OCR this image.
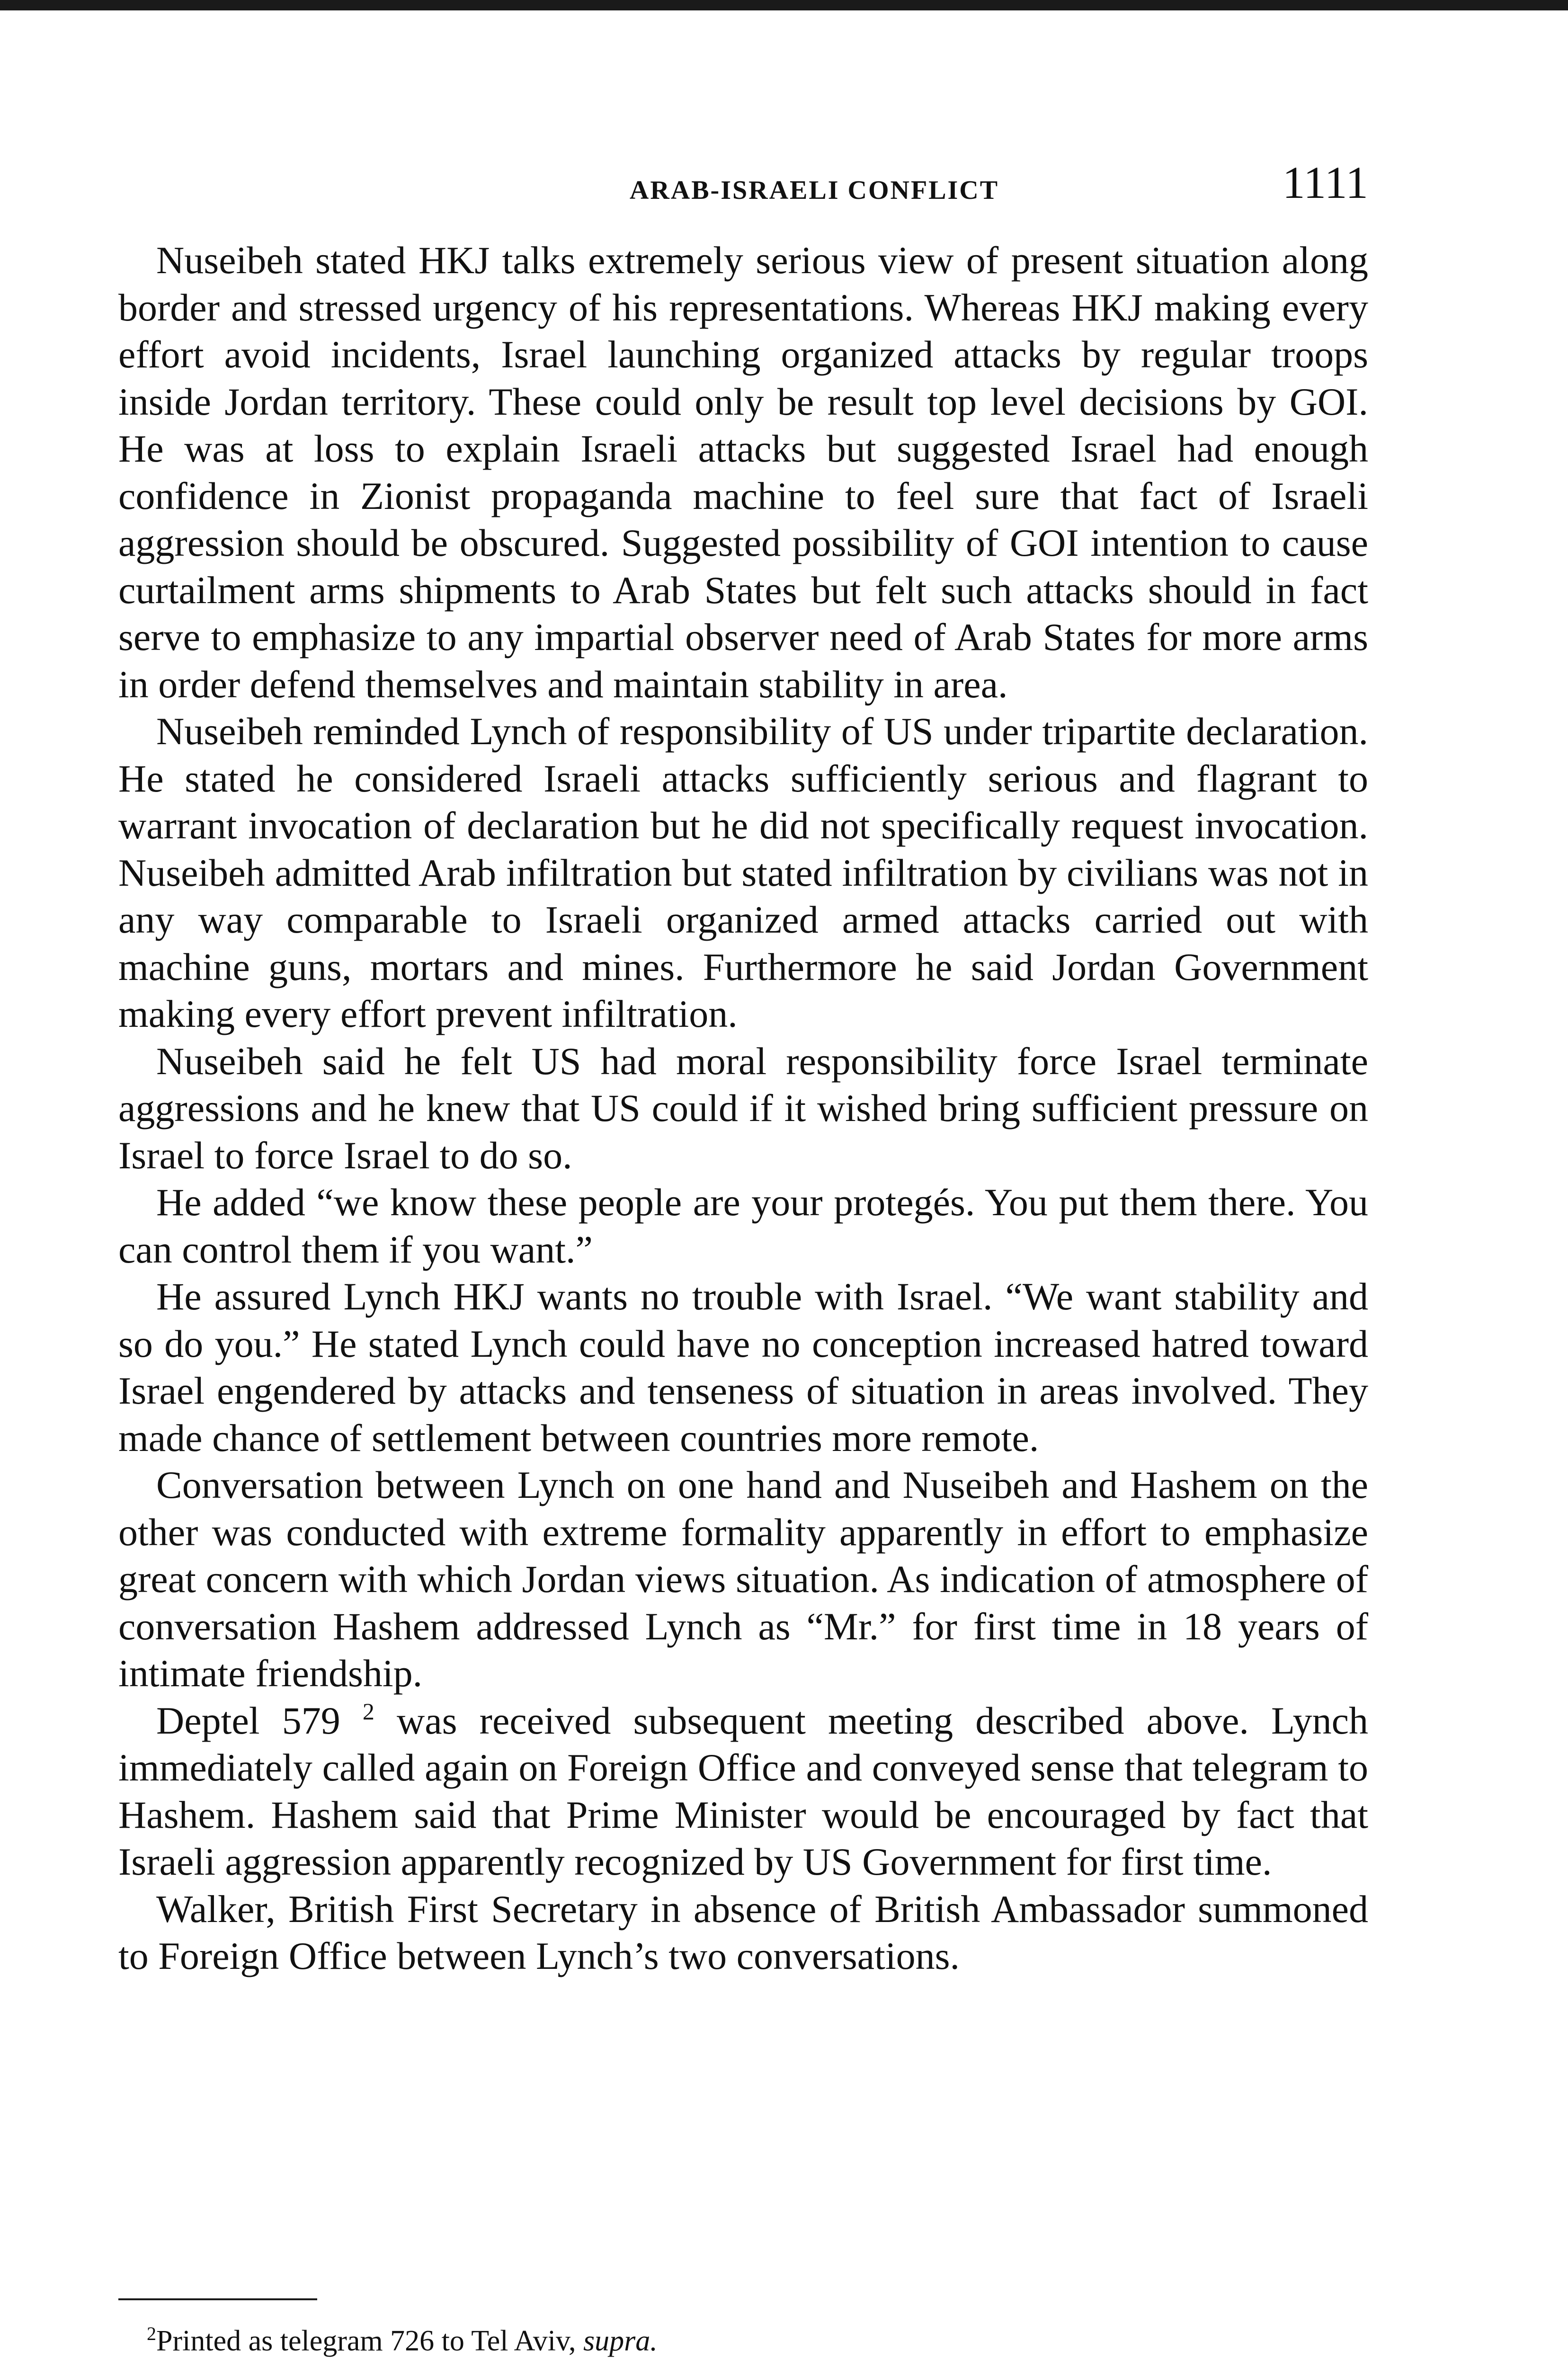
ARAB-ISRAELI CONFLICT	1111

Nuseibeh stated HKJ talks extremely serious view of present situation along border and stressed urgency of his representations. Whereas HKJ making every effort avoid incidents, Israel launching organized attacks by regular troops inside Jordan territory. These could only be result top level decisions by GOI. He was at loss to explain Israeli attacks but suggested Israel had enough confidence in Zionist propaganda machine to feel sure that fact of Israeli aggression should be obscured. Suggested possibility of GOI intention to cause curtailment arms shipments to Arab States but felt such attacks should in fact serve to emphasize to any impartial observer need of Arab States for more arms in order defend themselves and maintain stability in area.

Nuseibeh reminded Lynch of responsibility of US under tripartite declaration. He stated he considered Israeli attacks sufficiently serious and flagrant to warrant invocation of declaration but he did not specifically request invocation. Nuseibeh admitted Arab infiltration but stated infiltration by civilians was not in any way comparable to Israeli organized armed attacks carried out with machine guns, mortars and mines. Furthermore he said Jordan Government making every effort prevent infiltration.

Nuseibeh said he felt US had moral responsibility force Israel terminate aggressions and he knew that US could if it wished bring sufficient pressure on Israel to force Israel to do so.

He added “we know these people are your protegés. You put them there. You can control them if you want.”

He assured Lynch HKJ wants no trouble with Israel. “We want stability and so do you.” He stated Lynch could have no conception increased hatred toward Israel engendered by attacks and tenseness of situation in areas involved. They made chance of settlement between countries more remote.

Conversation between Lynch on one hand and Nuseibeh and Hashem on the other was conducted with extreme formality apparently in effort to emphasize great concern with which Jordan views situation. As indication of atmosphere of conversation Hashem addressed Lynch as “Mr.” for first time in 18 years of intimate friendship.

Deptel 579 $^2$ was received subsequent meeting described above. Lynch immediately called again on Foreign Office and conveyed sense that telegram to Hashem. Hashem said that Prime Minister would be encouraged by fact that Israeli aggression apparently recognized by US Government for first time.

Walker, British First Secretary in absence of British Ambassador summoned to Foreign Office between Lynch’s two conversations.

$^2$Printed as telegram 726 to Tel Aviv, supra.
